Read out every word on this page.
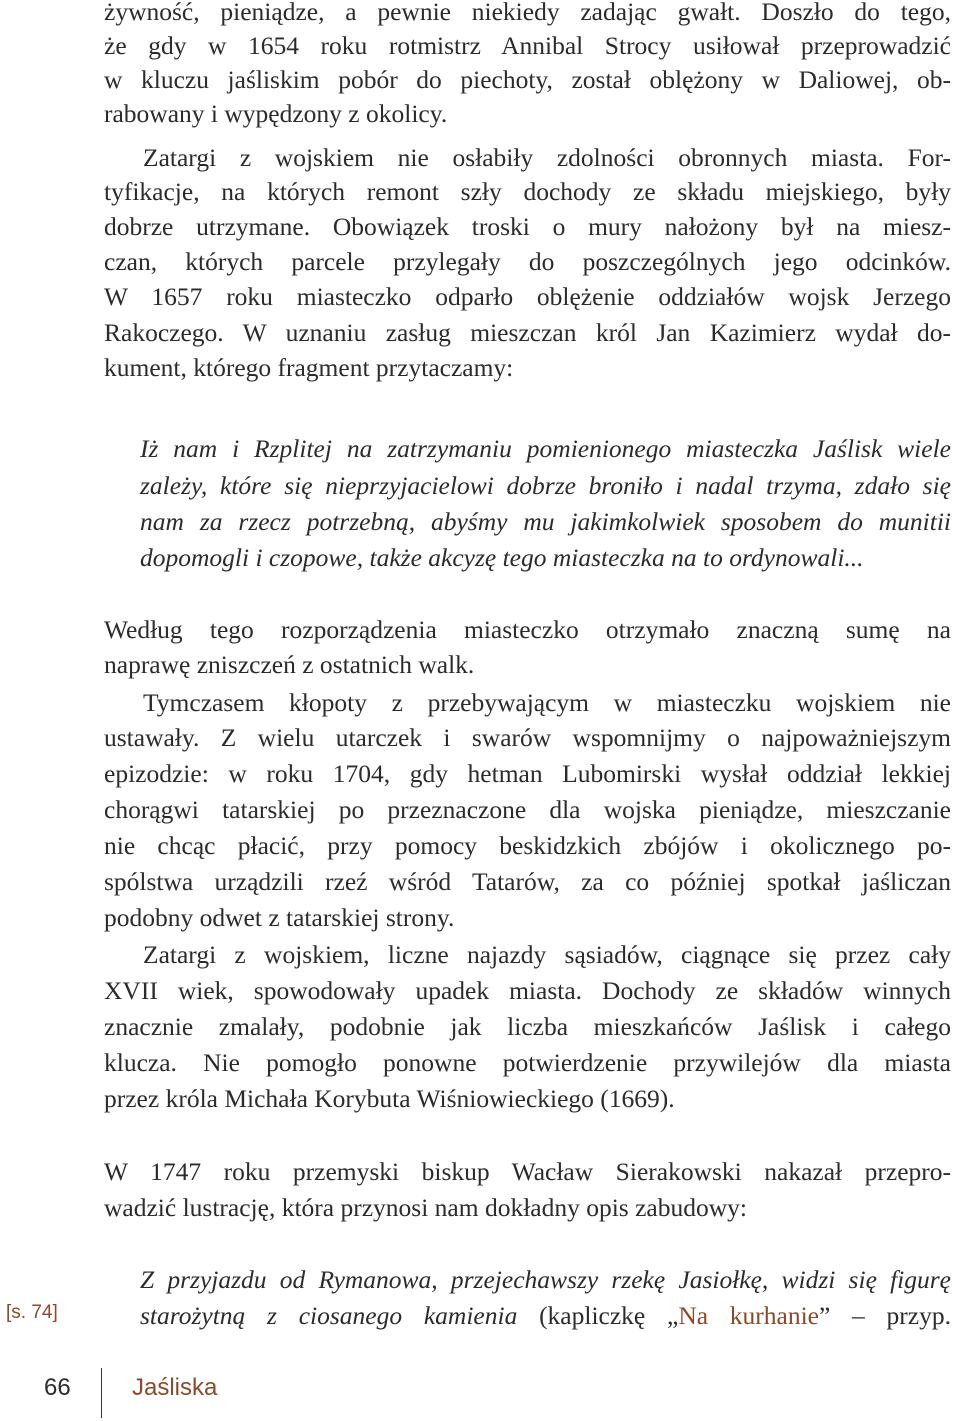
żywność, pieniądze, a pewnie niekiedy zadając gwałt. Doszło do tego,
że gdy w 1654 roku rotmistrz Annibal Strocy usiłował przeprowadzić
w kluczu jaśliskim pobór do piechoty, został oblężony w Daliowej, ob-
rabowany i wypędzony z okolicy.
Zatargi z wojskiem nie osłabiły zdolności obronnych miasta. For-
tyfikacje, na których remont szły dochody ze składu miejskiego, były
dobrze utrzymane. Obowiązek troski o mury nałożony był na miesz-
czan, których parcele przylegały do poszczególnych jego odcinków.
W 1657 roku miasteczko odparło oblężenie oddziałów wojsk Jerzego
Rakoczego. W uznaniu zasług mieszczan król Jan Kazimierz wydał do-
kument, którego fragment przytaczamy:
Iż nam i Rzplitej na zatrzymaniu pomienionego miasteczka Jaślisk wiele
zależy, które się nieprzyjacielowi dobrze broniło i nadal trzyma, zdało się
nam za rzecz potrzebną, abyśmy mu jakimkolwiek sposobem do munitii
dopomogli i czopowe, także akcyzę tego miasteczka na to ordynowali...
Według tego rozporządzenia miasteczko otrzymało znaczną sumę na
naprawę zniszczeń z ostatnich walk.
Tymczasem kłopoty z przebywającym w miasteczku wojskiem nie
ustawały. Z wielu utarczek i swarów wspomnijmy o najpoważniejszym
epizodzie: w roku 1704, gdy hetman Lubomirski wysłał oddział lekkiej
chorągwi tatarskiej po przeznaczone dla wojska pieniądze, mieszczanie
nie chcąc płacić, przy pomocy beskidzkich zbójów i okolicznego po-
spólstwa urządzili rzeź wśród Tatarów, za co później spotkał jaśliczan
podobny odwet z tatarskiej strony.
Zatargi z wojskiem, liczne najazdy sąsiadów, ciągnące się przez cały
XVII wiek, spowodowały upadek miasta. Dochody ze składów winnych
znacznie zmalały, podobnie jak liczba mieszkańców Jaślisk i całego
klucza. Nie pomogło ponowne potwierdzenie przywilejów dla miasta
przez króla Michała Korybuta Wiśniowieckiego (1669).
W 1747 roku przemyski biskup Wacław Sierakowski nakazał przepro-
wadzić lustrację, która przynosi nam dokładny opis zabudowy:
Z przyjazdu od Rymanowa, przejechawszy rzekę Jasiołkę, widzi się figurę
starożytną z ciosanego kamienia (kapliczkę „Na kurhanie” – przyp.
[s. 74]
66	Jaśliska
